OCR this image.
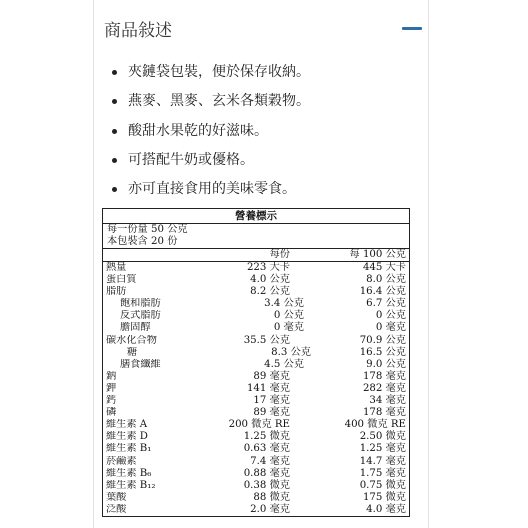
商品敍述
夾鏈袋包裝，便於保存收納。
燕麥、黑麥、玄米各類穀物。
酸甜水果乾的好滋味。
可搭配牛奶或優格。
亦可直接食用的美味零食。
營養標示
每一份量 50 公克
本包裝含 20 份
每份	每 100 公克
熱量	223 大卡	445 大卡
蛋白質	4.0 公克	8.0 公克
脂肪	8.2 公克	16.4 公克
飽和脂肪	3.4 公克	6.7 公克
反式脂肪	0 公克	0 公克
膽固醇	0 毫克	0 毫克
碳水化合物	35.5 公克	70.9 公克
糖	8.3 公克	16.5 公克
膳食纖維	4.5 公克	9.0 公克
鈉	89 毫克	178 毫克
鉀	141 毫克	282 毫克
鈣	17 毫克	34 毫克
磷	89 毫克	178 毫克
維生素 A	200 微克 RE	400 微克 RE
維生素 D	1.25 微克	2.50 微克
維生素 B₁	0.63 毫克	1.25 毫克
菸鹼素	7.4 毫克	14.7 毫克
維生素 B₆	0.88 毫克	1.75 毫克
維生素 B₁₂	0.38 微克	0.75 微克
葉酸	88 微克	175 微克
泛酸	2.0 毫克	4.0 毫克
